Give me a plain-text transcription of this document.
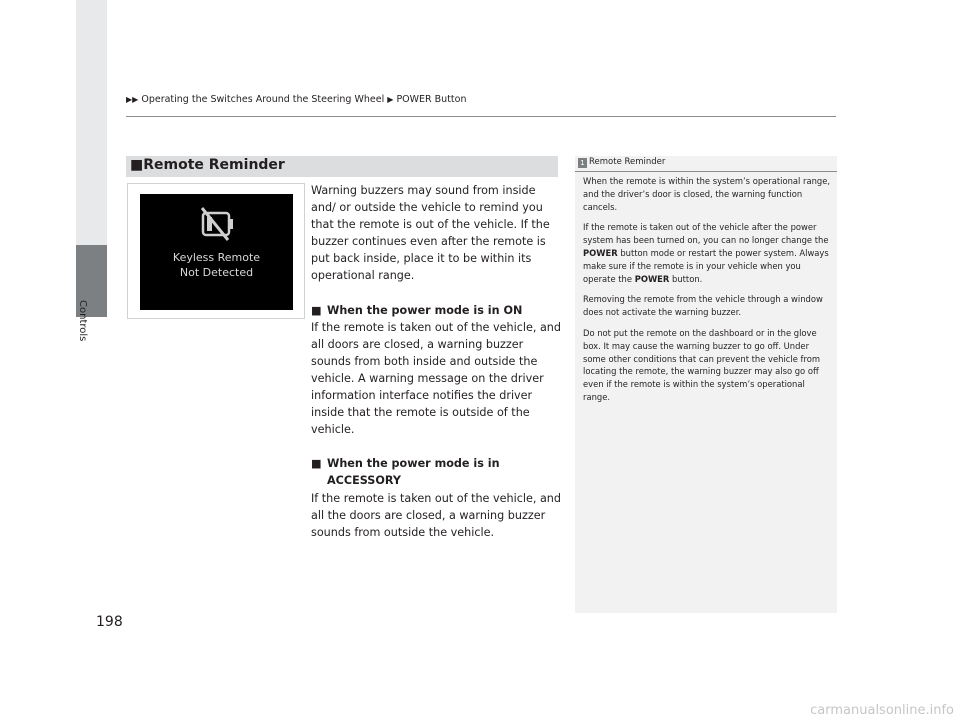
▶▶ Operating the Switches Around the Steering Wheel ▶ POWER Button
Controls
■Remote Reminder
Keyless Remote
Not Detected

Warning buzzers may sound from inside and/ or outside the vehicle to remind you that the remote is out of the vehicle. If the buzzer continues even after the remote is put back inside, place it to be within its operational range.

■ When the power mode is in ON

If the remote is taken out of the vehicle, and all doors are closed, a warning buzzer sounds from both inside and outside the vehicle. A warning message on the driver information interface notifies the driver inside that the remote is outside of the vehicle.

■ When the power mode is in ACCESSORY

If the remote is taken out of the vehicle, and all the doors are closed, a warning buzzer sounds from outside the vehicle.

1 Remote Reminder

When the remote is within the system’s operational range, and the driver’s door is closed, the warning function cancels.

If the remote is taken out of the vehicle after the power system has been turned on, you can no longer change the POWER button mode or restart the power system. Always make sure if the remote is in your vehicle when you operate the POWER button.

Removing the remote from the vehicle through a window does not activate the warning buzzer.

Do not put the remote on the dashboard or in the glove box. It may cause the warning buzzer to go off. Under some other conditions that can prevent the vehicle from locating the remote, the warning buzzer may also go off even if the remote is within the system’s operational range.

198
carmanualsonline.info
